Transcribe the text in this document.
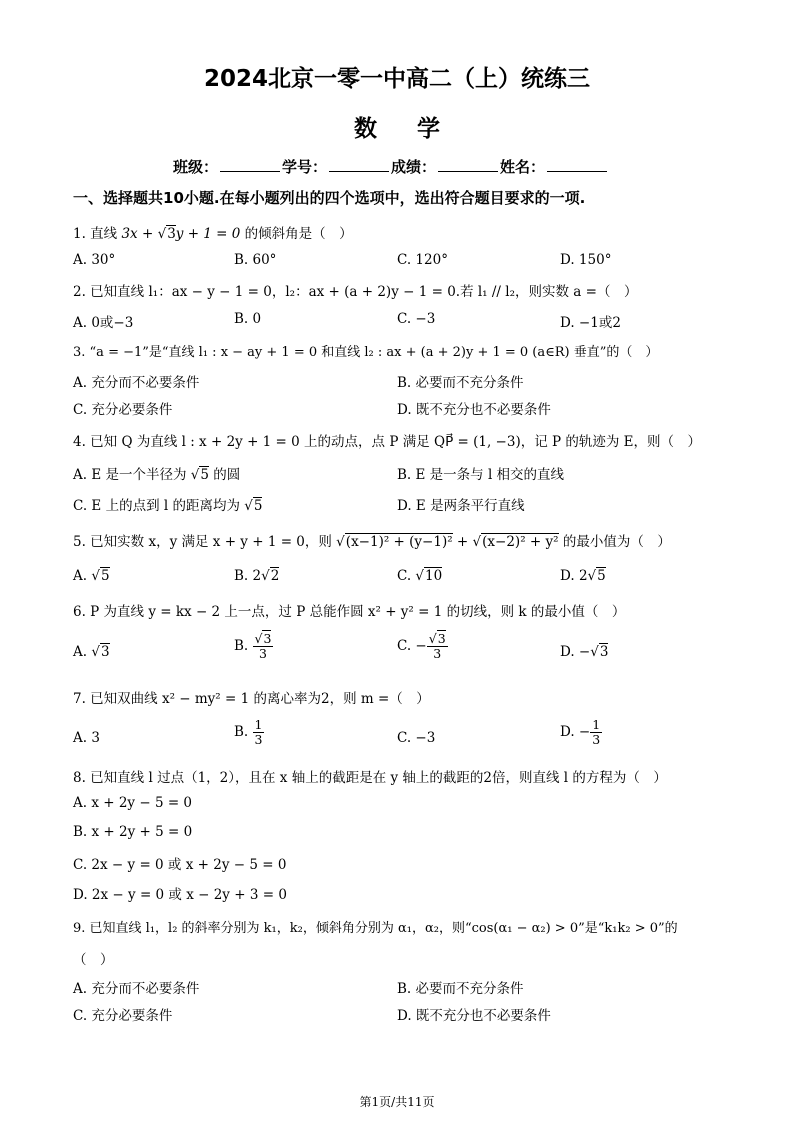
2024北京一零一中高二（上）统练三
数学
班级：	学号：	成绩：	姓名：
一、选择题共10小题.在每小题列出的四个选项中，选出符合题目要求的一项.
1. 直线 3x + √3y + 1 = 0 的倾斜角是（　）
A. 30°	B. 60°	C. 120°	D. 150°
2. 已知直线 l₁：ax − y − 1 = 0，l₂：ax + (a + 2)y − 1 = 0.若 l₁ // l₂，则实数 a =（　）
A. 0或−3	B. 0	C. −3	D. −1或2
3. “a = −1”是“直线 l₁ : x − ay + 1 = 0 和直线 l₂ : ax + (a + 2)y + 1 = 0 (a∈R) 垂直”的（　）
A. 充分而不必要条件	B. 必要而不充分条件
C. 充分必要条件	D. 既不充分也不必要条件
4. 已知 Q 为直线 l : x + 2y + 1 = 0 上的动点，点 P 满足 QP⃗ = (1, −3)，记 P 的轨迹为 E，则（　）
A. E 是一个半径为 √5 的圆	B. E 是一条与 l 相交的直线
C. E 上的点到 l 的距离均为 √5	D. E 是两条平行直线
5. 已知实数 x，y 满足 x + y + 1 = 0，则 √(x−1)² + (y−1)² + √(x−2)² + y² 的最小值为（　）
A. √5	B. 2√2	C. √10	D. 2√5
6. P 为直线 y = kx − 2 上一点，过 P 总能作圆 x² + y² = 1 的切线，则 k 的最小值（　）
A. √3	B. $\frac{√3}{3}$	C. − $\frac{√3}{3}$	D. −√3
7. 已知双曲线 x² − my² = 1 的离心率为2，则 m =（　）
A. 3	B. $\frac{1}{3}$	C. −3	D. − $\frac{1}{3}$
8. 已知直线 l 过点（1，2），且在 x 轴上的截距是在 y 轴上的截距的2倍，则直线 l 的方程为（　）
A. x + 2y − 5 = 0
B. x + 2y + 5 = 0
C. 2x − y = 0 或 x + 2y − 5 = 0
D. 2x − y = 0 或 x − 2y + 3 = 0
9. 已知直线 l₁，l₂ 的斜率分别为 k₁，k₂，倾斜角分别为 α₁，α₂，则“cos(α₁ − α₂) > 0”是“k₁k₂ > 0”的
（　）
A. 充分而不必要条件	B. 必要而不充分条件
C. 充分必要条件	D. 既不充分也不必要条件
第1页/共11页
